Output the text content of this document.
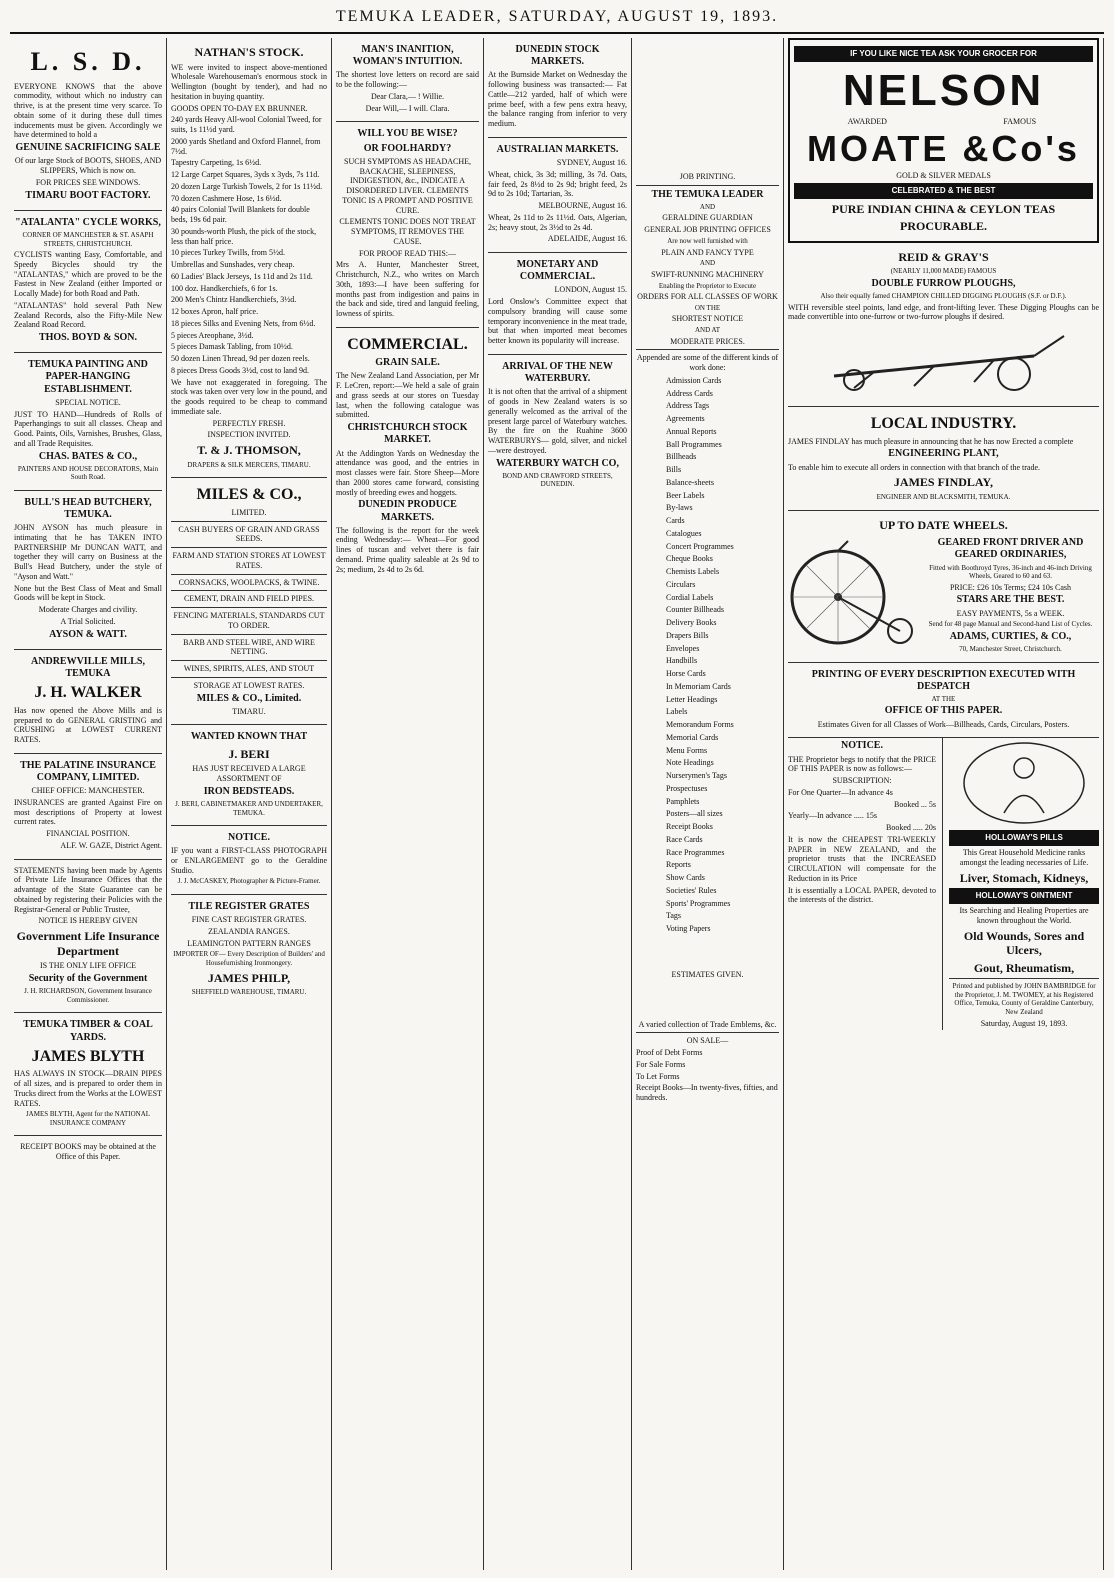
TEMUKA LEADER, SATURDAY, AUGUST 19, 1893.
L. S. D.

EVERYONE KNOWS that the above commodity, without which no industry can thrive, is at the present time very scarce. To obtain some of it during these dull times inducements must be given. Accordingly we have determined to hold a

GENUINE SACRIFICING SALE

Of our large Stock of BOOTS, SHOES, AND SLIPPERS, Which is now on.

FOR PRICES SEE WINDOWS.

TIMARU BOOT FACTORY.
"ATALANTA" CYCLE WORKS,

CORNER OF MANCHESTER & ST. ASAPH STREETS, CHRISTCHURCH.

CYCLISTS wanting Easy, Comfortable, and Speedy Bicycles should try the "ATALANTAS," which are proved to be the Fastest in New Zealand (either Imported or Locally Made) for both Road and Path.

"ATALANTAS" hold several Path New Zealand Records, also the Fifty-Mile New Zealand Road Record.

THOS. BOYD & SON.
TEMUKA PAINTING AND PAPER-HANGING ESTABLISHMENT.

SPECIAL NOTICE.

JUST TO HAND—Hundreds of Rolls of Paperhangings to suit all classes. Cheap and Good. Paints, Oils, Varnishes, Brushes, Glass, and all Trade Requisites.

CHAS. BATES & CO.,

PAINTERS AND HOUSE DECORATORS, Main South Road.

BULL'S HEAD BUTCHERY, TEMUKA.

JOHN AYSON has much pleasure in intimating that he has TAKEN INTO PARTNERSHIP Mr DUNCAN WATT, and together they will carry on Business at the Bull's Head Butchery, under the style of "Ayson and Watt."

None but the Best Class of Meat and Small Goods will be kept in Stock.

Moderate Charges and civility.

A Trial Solicited.

AYSON & WATT.
ANDREWVILLE MILLS, TEMUKA
J. H. WALKER

Has now opened the Above Mills and is prepared to do GENERAL GRISTING and CRUSHING at LOWEST CURRENT RATES.

THE PALATINE INSURANCE COMPANY, LIMITED.

CHIEF OFFICE: MANCHESTER.

INSURANCES are granted Against Fire on most descriptions of Property at lowest current rates.

FINANCIAL POSITION.

ALF. W. GAZE, District Agent.

STATEMENTS having been made by Agents of Private Life Insurance Offices that the advantage of the State Guarantee can be obtained by registering their Policies with the Registrar-General or Public Trustee,

NOTICE IS HEREBY GIVEN

Government Life Insurance Department

IS THE ONLY LIFE OFFICE

Security of the Government

J. H. RICHARDSON, Government Insurance Commissioner.

TEMUKA TIMBER & COAL YARDS.
JAMES BLYTH

HAS ALWAYS IN STOCK—DRAIN PIPES of all sizes, and is prepared to order them in Trucks direct from the Works at the LOWEST RATES.

JAMES BLYTH, Agent for the NATIONAL INSURANCE COMPANY

RECEIPT BOOKS may be obtained at the Office of this Paper.

NATHAN'S STOCK.

WE were invited to inspect above-mentioned Wholesale Warehouseman's enormous stock in Wellington (bought by tender), and had no hesitation in buying quantity.

GOODS OPEN TO-DAY EX BRUNNER.

240 yards Heavy All-wool Colonial Tweed, for suits, 1s 11½d yard.

2000 yards Shetland and Oxford Flannel, from 7½d.

Tapestry Carpeting, 1s 6½d.

12 Large Carpet Squares, 3yds x 3yds, 7s 11d.

20 dozen Large Turkish Towels, 2 for 1s 11½d.

70 dozen Cashmere Hose, 1s 6½d.

40 pairs Colonial Twill Blankets for double beds, 19s 6d pair.

30 pounds-worth Plush, the pick of the stock, less than half price.

10 pieces Turkey Twills, from 5½d.

Umbrellas and Sunshades, very cheap.

60 Ladies' Black Jerseys, 1s 11d and 2s 11d.

100 doz. Handkerchiefs, 6 for 1s.

200 Men's Chintz Handkerchiefs, 3½d.

12 boxes Apron, half price.

18 pieces Silks and Evening Nets, from 6½d.

5 pieces Areophane, 3½d.

5 pieces Damask Tabling, from 10½d.

50 dozen Linen Thread, 9d per dozen reels.

8 pieces Dress Goods 3½d, cost to land 9d.

We have not exaggerated in foregoing. The stock was taken over very low in the pound, and the goods required to be cheap to command immediate sale.

PERFECTLY FRESH.

INSPECTION INVITED.

T. & J. THOMSON,

DRAPERS & SILK MERCERS, TIMARU.

MILES & CO.,

LIMITED.

CASH BUYERS OF GRAIN AND GRASS SEEDS.

FARM AND STATION STORES AT LOWEST RATES.

CORNSACKS, WOOLPACKS, & TWINE.

CEMENT, DRAIN AND FIELD PIPES.

FENCING MATERIALS, STANDARDS CUT TO ORDER.

BARB AND STEEL WIRE, AND WIRE NETTING.

WINES, SPIRITS, ALES, AND STOUT

STORAGE AT LOWEST RATES.

MILES & CO., Limited.

TIMARU.

WANTED KNOWN THAT
J. BERI

HAS JUST RECEIVED A LARGE ASSORTMENT OF

IRON BEDSTEADS.

J. BERI, CABINETMAKER AND UNDERTAKER, TEMUKA.

NOTICE.

IF you want a FIRST-CLASS PHOTOGRAPH or ENLARGEMENT go to the Geraldine Studio.

J. J. McCASKEY, Photographer & Picture-Framer.

TILE REGISTER GRATES

FINE CAST REGISTER GRATES.

ZEALANDIA RANGES.

LEAMINGTON PATTERN RANGES

IMPORTER OF— Every Description of Builders' and Housefurnishing Ironmongery.

JAMES PHILP,

SHEFFIELD WAREHOUSE, TIMARU.

MAN'S INANITION, WOMAN'S INTUITION.

The shortest love letters on record are said to be the following:—

Dear Clara,— ! Willie.

Dear Will,— I will. Clara.

WILL YOU BE WISE?
OR FOOLHARDY?

SUCH SYMPTOMS AS HEADACHE, BACKACHE, SLEEPINESS, INDIGESTION, &c., INDICATE A DISORDERED LIVER. CLEMENTS TONIC IS A PROMPT AND POSITIVE CURE.

CLEMENTS TONIC DOES NOT TREAT SYMPTOMS, IT REMOVES THE CAUSE.

FOR PROOF READ THIS:—

Mrs A. Hunter, Manchester Street, Christchurch, N.Z., who writes on March 30th, 1893:—I have been suffering for months past from indigestion and pains in the back and side, tired and languid feeling, lowness of spirits.

COMMERCIAL.
GRAIN SALE.

The New Zealand Land Association, per Mr F. LeCren, report:—We held a sale of grain and grass seeds at our stores on Tuesday last, when the following catalogue was submitted.

CHRISTCHURCH STOCK MARKET.

At the Addington Yards on Wednesday the attendance was good, and the entries in most classes were fair. Store Sheep—More than 2000 stores came forward, consisting mostly of breeding ewes and hoggets.

DUNEDIN PRODUCE MARKETS.

The following is the report for the week ending Wednesday:— Wheat—For good lines of tuscan and velvet there is fair demand. Prime quality saleable at 2s 9d to 2s; medium, 2s 4d to 2s 6d.

DUNEDIN STOCK MARKETS.

At the Burnside Market on Wednesday the following business was transacted:— Fat Cattle—212 yarded, half of which were prime beef, with a few pens extra heavy, the balance ranging from inferior to very medium.

AUSTRALIAN MARKETS.

SYDNEY, August 16.

Wheat, chick, 3s 3d; milling, 3s 7d. Oats, fair feed, 2s 8½d to 2s 9d; bright feed, 2s 9d to 2s 10d; Tartarian, 3s.

MELBOURNE, August 16.

Wheat, 2s 11d to 2s 11½d. Oats, Algerian, 2s; heavy stout, 2s 3½d to 2s 4d.

ADELAIDE, August 16.

MONETARY AND COMMERCIAL.

LONDON, August 15.

Lord Onslow's Committee expect that compulsory branding will cause some temporary inconvenience in the meat trade, but that when imported meat becomes better known its popularity will increase.

ARRIVAL OF THE NEW WATERBURY.

It is not often that the arrival of a shipment of goods in New Zealand waters is so generally welcomed as the arrival of the present large parcel of Waterbury watches. By the fire on the Ruahine 3600 WATERBURYS— gold, silver, and nickel—were destroyed.

WATERBURY WATCH CO,

BOND AND CRAWFORD STREETS, DUNEDIN.

JOB PRINTING.

THE TEMUKA LEADER

AND

GERALDINE GUARDIAN

GENERAL JOB PRINTING OFFICES

Are now well furnished with

PLAIN AND FANCY TYPE

AND

SWIFT-RUNNING MACHINERY

Enabling the Proprietor to Execute

ORDERS FOR ALL CLASSES OF WORK

ON THE

SHORTEST NOTICE

AND AT

MODERATE PRICES.

Appended are some of the different kinds of work done:

Admission Cards
Address Cards
Address Tags
Agreements
Annual Reports
Ball Programmes
Billheads
Bills
Balance-sheets
Beer Labels
By-laws
Cards
Catalogues
Concert Programmes
Cheque Books
Chemists Labels
Circulars
Cordial Labels
Counter Billheads
Delivery Books
Drapers Bills
Envelopes
Handbills
Horse Cards
In Memoriam Cards
Letter Headings
Labels
Memorandum Forms
Memorial Cards
Menu Forms
Note Headings
Nurserymen's Tags
Prospectuses
Pamphlets
Posters—all sizes
Receipt Books
Race Cards
Race Programmes
Reports
Show Cards
Societies' Rules
Sports' Programmes
Tags
Voting Papers

ESTIMATES GIVEN.

A varied collection of Trade Emblems, &c.

ON SALE—

Proof of Debt Forms

For Sale Forms

To Let Forms

Receipt Books—In twenty-fives, fifties, and hundreds.

IF YOU LIKE NICE TEA ASK YOUR GROCER FOR
NELSON
AWARDED	FAMOUS
MOATE &Co's
GOLD & SILVER MEDALS
CELEBRATED & THE BEST
PURE INDIAN CHINA & CEYLON TEAS
PROCURABLE.
REID & GRAY'S

(NEARLY 11,000 MADE) FAMOUS

DOUBLE FURROW PLOUGHS,

Also their equally famed CHAMPION CHILLED DIGGING PLOUGHS (S.F. or D.F.).

WITH reversible steel points, land edge, and front-lifting lever. These Digging Ploughs can be made convertible into one-furrow or two-furrow ploughs if desired.

LOCAL INDUSTRY.

JAMES FINDLAY has much pleasure in announcing that he has now Erected a complete

ENGINEERING PLANT,

To enable him to execute all orders in connection with that branch of the trade.

JAMES FINDLAY,

ENGINEER AND BLACKSMITH, TEMUKA.

UP TO DATE WHEELS.
GEARED FRONT DRIVER AND GEARED ORDINARIES,

Fitted with Boothroyd Tyres, 36-inch and 46-inch Driving Wheels, Geared to 60 and 63.

PRICE: £26 10s Terms; £24 10s Cash

STARS ARE THE BEST.

EASY PAYMENTS, 5s a WEEK.

Send for 48 page Manual and Second-hand List of Cycles.

ADAMS, CURTIES, & CO.,

70, Manchester Street, Christchurch.

PRINTING OF EVERY DESCRIPTION EXECUTED WITH DESPATCH

AT THE

OFFICE OF THIS PAPER.

Estimates Given for all Classes of Work—Billheads, Cards, Circulars, Posters.

NOTICE.

THE Proprietor begs to notify that the PRICE OF THIS PAPER is now as follows:—

SUBSCRIPTION:

For One Quarter—In advance 4s

Booked ... 5s

Yearly—In advance ..... 15s

Booked ..... 20s

It is now the CHEAPEST TRI-WEEKLY PAPER in NEW ZEALAND, and the proprietor trusts that the INCREASED CIRCULATION will compensate for the Reduction in its Price

It is essentially a LOCAL PAPER, devoted to the interests of the district.

HOLLOWAY'S PILLS

This Great Household Medicine ranks amongst the leading necessaries of Life.

Liver, Stomach, Kidneys,
HOLLOWAY'S OINTMENT

Its Searching and Healing Properties are known throughout the World.

Old Wounds, Sores and Ulcers,
Gout, Rheumatism,

Printed and published by JOHN BAMBRIDGE for the Proprietor, J. M. TWOMEY, at his Registered Office, Temuka, County of Geraldine Canterbury, New Zealand

Saturday, August 19, 1893.
